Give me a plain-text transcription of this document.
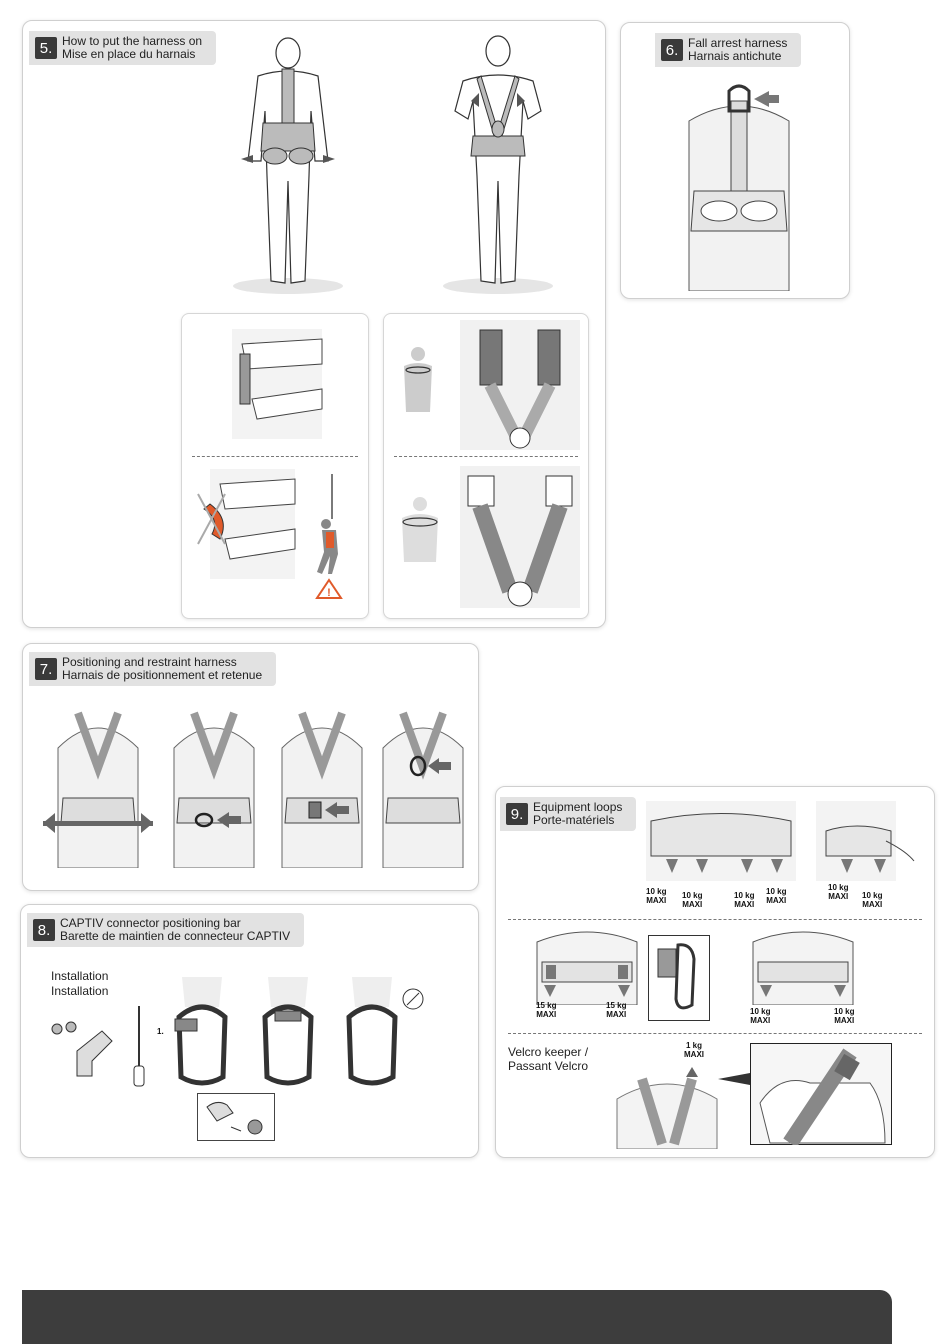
5. How to put the harness on
Mise en place du harnais
!
6. Fall arrest harness
Harnais antichute
7. Positioning and restraint harness
Harnais de positionnement et retenue
8. CAPTIV connector positioning bar
Barette de maintien de connecteur CAPTIV
Installation
Installation
1.
9. Equipment loops
Porte-matériels
10 kg
MAXI
10 kg
MAXI
10 kg
MAXI
10 kg
MAXI
10 kg
MAXI 10 kg
MAXI
15 kg
MAXI
15 kg
MAXI	10 kg
MAXI
10 kg
MAXI
Velcro keeper /
Passant Velcro
1 kg
MAXI
